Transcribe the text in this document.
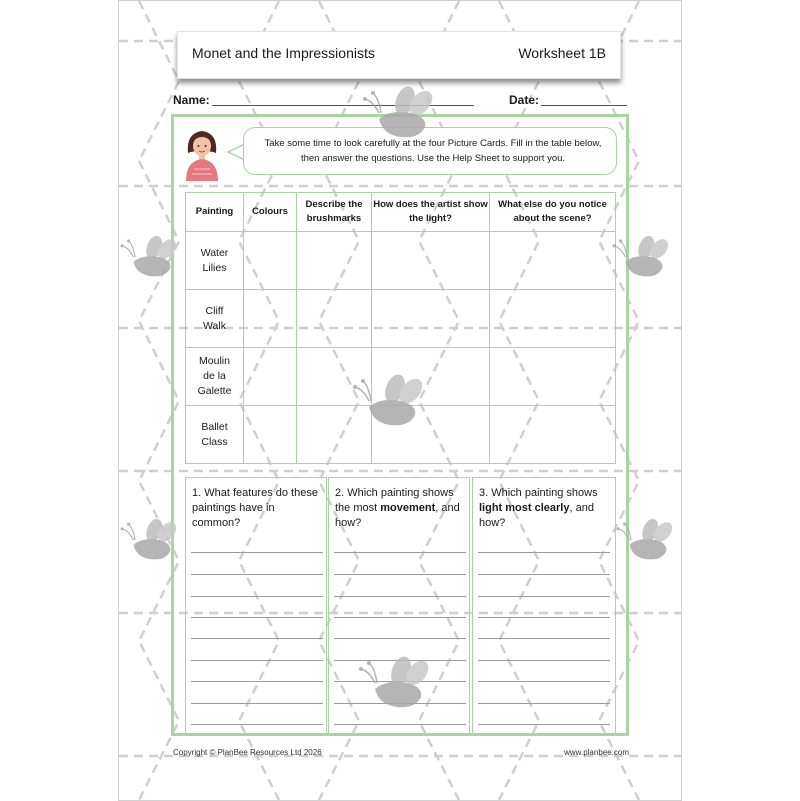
Monet and the Impressionists	Worksheet 1B
Name:	Date:
Take some time to look carefully at the four Picture Cards. Fill in the table below, then answer the questions. Use the Help Sheet to support you.
Painting	Colours	Describe the brushmarks	How does the artist show the light?	What else do you notice about the scene?
Water Lilies				
Cliff Walk				
Moulin de la Galette				
Ballet Class				
1. What features do these paintings have in common?
2. Which painting shows the most movement, and how?
3. Which painting shows light most clearly, and how?
Copyright © PlanBee Resources Ltd 2026	www.planbee.com
